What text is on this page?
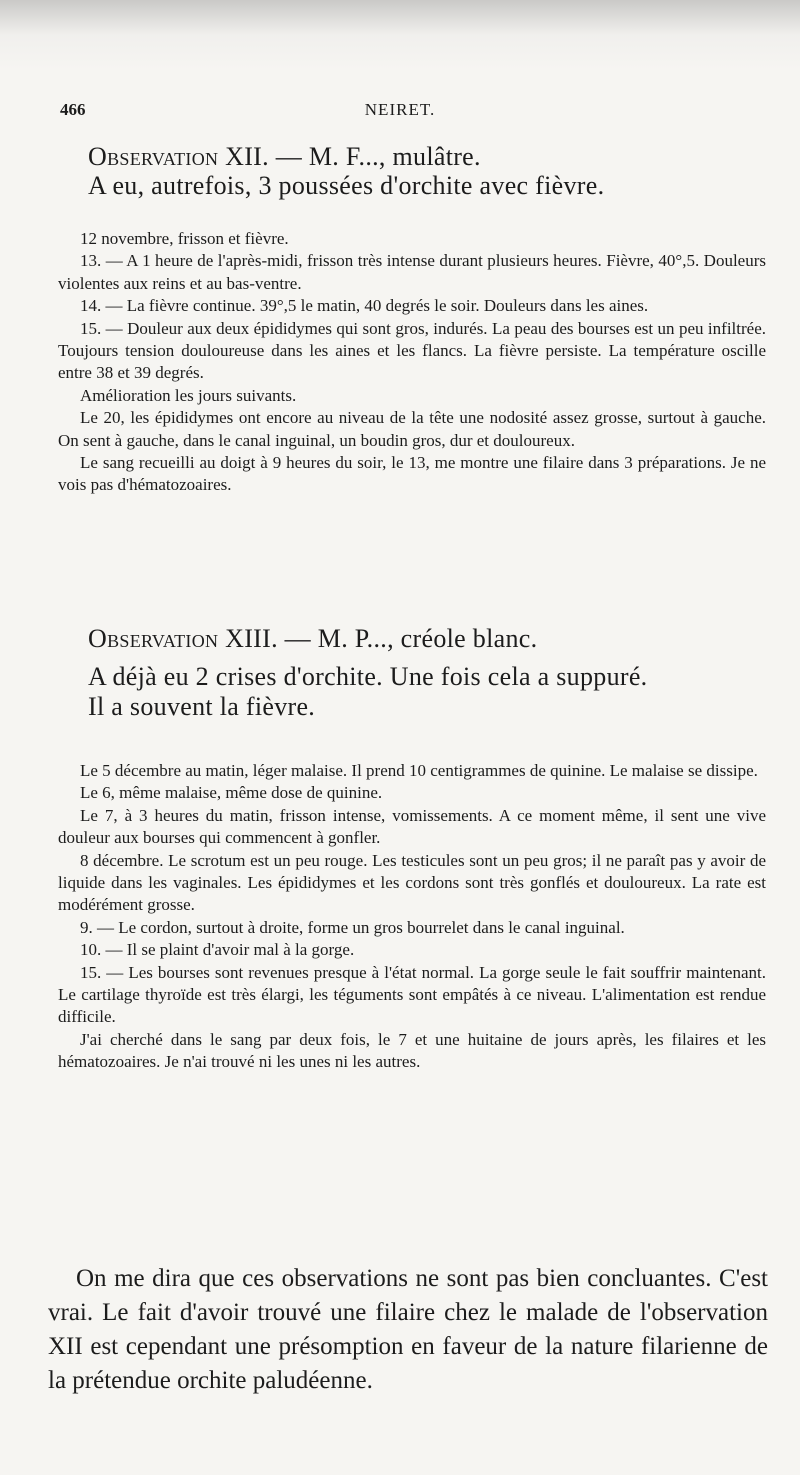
466	NEIRET.
Observation XII. — M. F..., mulâtre.
A eu, autrefois, 3 poussées d'orchite avec fièvre.

12 novembre, frisson et fièvre.

13. — A 1 heure de l'après-midi, frisson très intense durant plusieurs heures. Fièvre, 40°,5. Douleurs violentes aux reins et au bas-ventre.

14. — La fièvre continue. 39°,5 le matin, 40 degrés le soir. Douleurs dans les aines.

15. — Douleur aux deux épididymes qui sont gros, indurés. La peau des bourses est un peu infiltrée. Toujours tension douloureuse dans les aines et les flancs. La fièvre persiste. La température oscille entre 38 et 39 degrés.

Amélioration les jours suivants.

Le 20, les épididymes ont encore au niveau de la tête une nodosité assez grosse, surtout à gauche. On sent à gauche, dans le canal inguinal, un boudin gros, dur et douloureux.

Le sang recueilli au doigt à 9 heures du soir, le 13, me montre une filaire dans 3 préparations. Je ne vois pas d'hématozoaires.

Observation XIII. — M. P..., créole blanc.
A déjà eu 2 crises d'orchite. Une fois cela a suppuré.
Il a souvent la fièvre.

Le 5 décembre au matin, léger malaise. Il prend 10 centigrammes de quinine. Le malaise se dissipe.

Le 6, même malaise, même dose de quinine.

Le 7, à 3 heures du matin, frisson intense, vomissements. A ce moment même, il sent une vive douleur aux bourses qui commencent à gonfler.

8 décembre. Le scrotum est un peu rouge. Les testicules sont un peu gros; il ne paraît pas y avoir de liquide dans les vaginales. Les épididymes et les cordons sont très gonflés et douloureux. La rate est modérément grosse.

9. — Le cordon, surtout à droite, forme un gros bourrelet dans le canal inguinal.

10. — Il se plaint d'avoir mal à la gorge.

15. — Les bourses sont revenues presque à l'état normal. La gorge seule le fait souffrir maintenant. Le cartilage thyroïde est très élargi, les téguments sont empâtés à ce niveau. L'alimentation est rendue difficile.

J'ai cherché dans le sang par deux fois, le 7 et une huitaine de jours après, les filaires et les hématozoaires. Je n'ai trouvé ni les unes ni les autres.

On me dira que ces observations ne sont pas bien concluantes. C'est vrai. Le fait d'avoir trouvé une filaire chez le malade de l'observation XII est cependant une présomption en faveur de la nature filarienne de la prétendue orchite paludéenne.
